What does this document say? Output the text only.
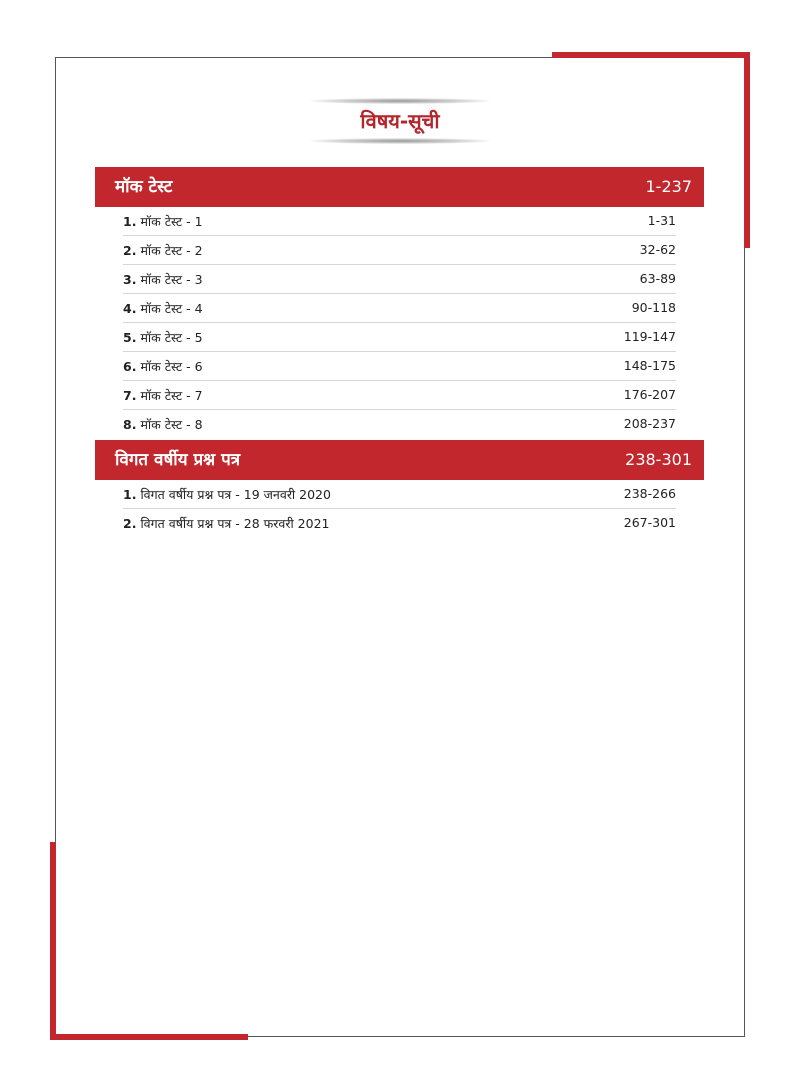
विषय-सूची
मॉक टेस्ट	1-237
1. मॉक टेस्ट - 1	1-31
2. मॉक टेस्ट - 2	32-62
3. मॉक टेस्ट - 3	63-89
4. मॉक टेस्ट - 4	90-118
5. मॉक टेस्ट - 5	119-147
6. मॉक टेस्ट - 6	148-175
7. मॉक टेस्ट - 7	176-207
8. मॉक टेस्ट - 8	208-237
विगत वर्षीय प्रश्न पत्र	238-301
1. विगत वर्षीय प्रश्न पत्र - 19 जनवरी 2020	238-266
2. विगत वर्षीय प्रश्न पत्र - 28 फरवरी 2021	267-301
